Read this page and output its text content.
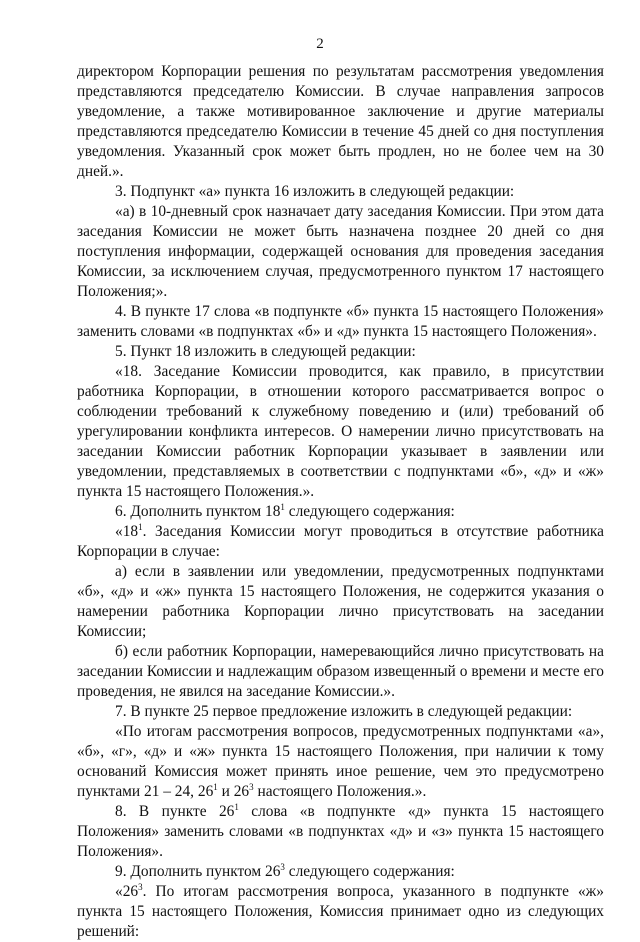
2

директором Корпорации решения по результатам рассмотрения уведомления представляются председателю Комиссии. В случае направления запросов уведомление, а также мотивированное заключение и другие материалы представляются председателю Комиссии в течение 45 дней со дня поступления уведомления. Указанный срок может быть продлен, но не более чем на 30 дней.».

3. Подпункт «а» пункта 16 изложить в следующей редакции:

«а) в 10-дневный срок назначает дату заседания Комиссии. При этом дата заседания Комиссии не может быть назначена позднее 20 дней со дня поступления информации, содержащей основания для проведения заседания Комиссии, за исключением случая, предусмотренного пунктом 17 настоящего Положения;».

4. В пункте 17 слова «в подпункте «б» пункта 15 настоящего Положения» заменить словами «в подпунктах «б» и «д» пункта 15 настоящего Положения».

5. Пункт 18 изложить в следующей редакции:

«18. Заседание Комиссии проводится, как правило, в присутствии работника Корпорации, в отношении которого рассматривается вопрос о соблюдении требований к служебному поведению и (или) требований об урегулировании конфликта интересов. О намерении лично присутствовать на заседании Комиссии работник Корпорации указывает в заявлении или уведомлении, представляемых в соответствии с подпунктами «б», «д» и «ж» пункта 15 настоящего Положения.».

6. Дополнить пунктом $18^1$ следующего содержания:

«$18^1$. Заседания Комиссии могут проводиться в отсутствие работника Корпорации в случае:

а) если в заявлении или уведомлении, предусмотренных подпунктами «б», «д» и «ж» пункта 15 настоящего Положения, не содержится указания о намерении работника Корпорации лично присутствовать на заседании Комиссии;

б) если работник Корпорации, намеревающийся лично присутствовать на заседании Комиссии и надлежащим образом извещенный о времени и месте его проведения, не явился на заседание Комиссии.».

7. В пункте 25 первое предложение изложить в следующей редакции:

«По итогам рассмотрения вопросов, предусмотренных подпунктами «а», «б», «г», «д» и «ж» пункта 15 настоящего Положения, при наличии к тому оснований Комиссия может принять иное решение, чем это предусмотрено пунктами 21 – 24, $26^1$ и $26^3$ настоящего Положения.».

8. В пункте $26^1$ слова «в подпункте «д» пункта 15 настоящего Положения» заменить словами «в подпунктах «д» и «з» пункта 15 настоящего Положения».

9. Дополнить пунктом $26^3$ следующего содержания:

«$26^3$. По итогам рассмотрения вопроса, указанного в подпункте «ж» пункта 15 настоящего Положения, Комиссия принимает одно из следующих решений:
